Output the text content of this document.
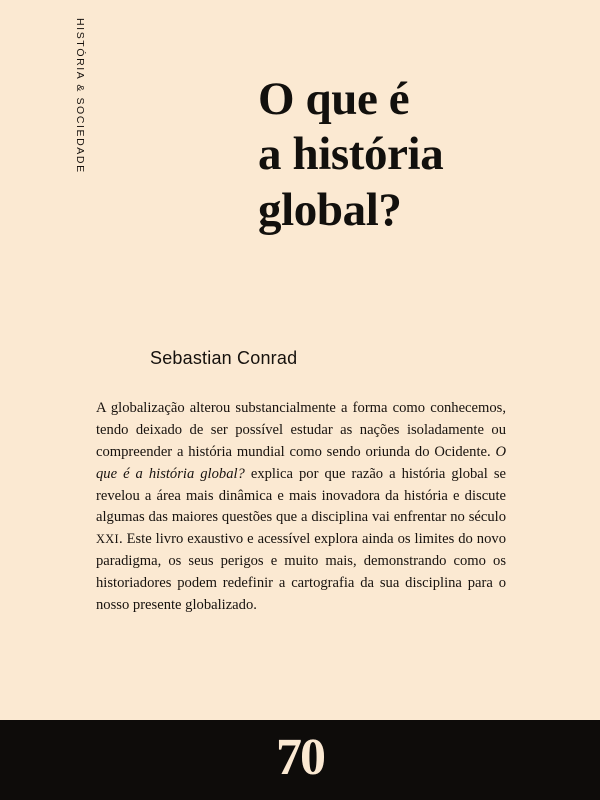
HISTÓRIA & SOCIEDADE	O que é
a história
global?
Sebastian Conrad
A globalização alterou substancialmente a forma como conhecemos, tendo deixado de ser possível estudar as nações isoladamente ou compreender a história mundial como sendo oriunda do Ocidente. O que é a história global? explica por que razão a história global se revelou a área mais dinâmica e mais inovadora da história e discute algumas das maiores questões que a disciplina vai enfrentar no século XXI. Este livro exaustivo e acessível explora ainda os limites do novo paradigma, os seus perigos e muito mais, demonstrando como os historiadores podem redefinir a cartografia da sua disciplina para o nosso presente globalizado.
70
